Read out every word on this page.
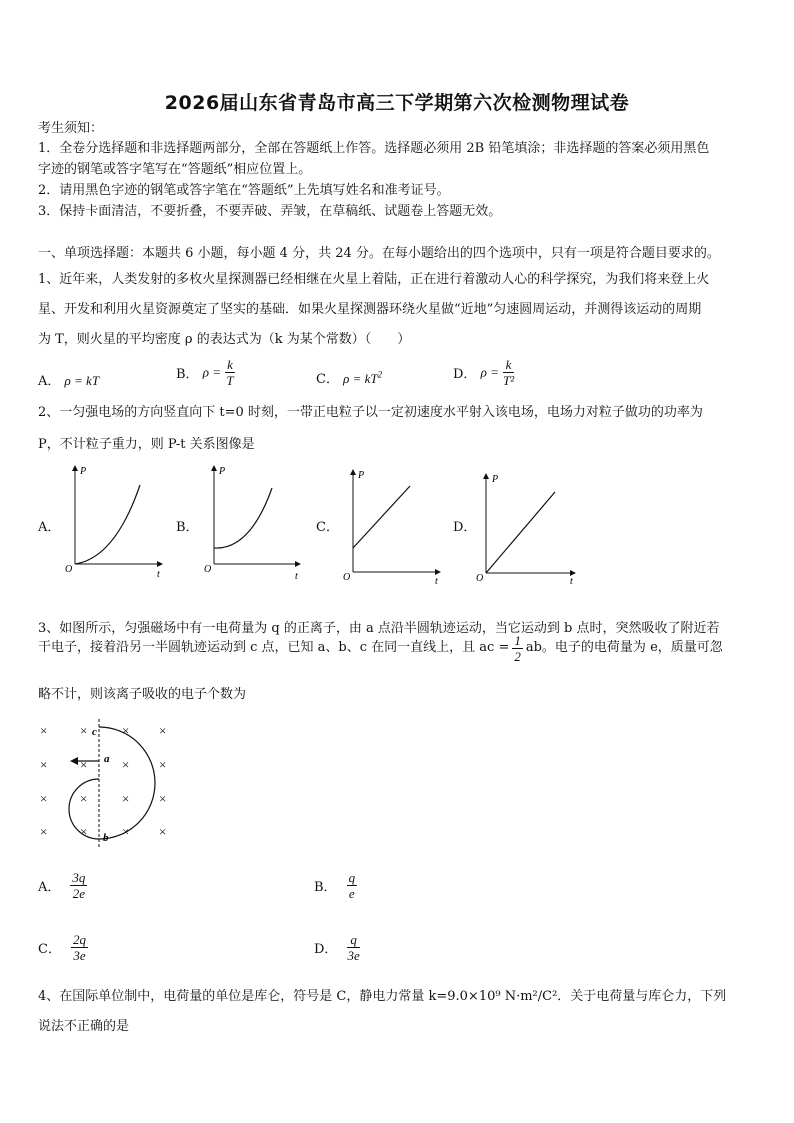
2026届山东省青岛市高三下学期第六次检测物理试卷
考生须知：
1．全卷分选择题和非选择题两部分，全部在答题纸上作答。选择题必须用 2B 铅笔填涂；非选择题的答案必须用黑色
字迹的钢笔或答字笔写在“答题纸”相应位置上。
2．请用黑色字迹的钢笔或答字笔在“答题纸”上先填写姓名和准考证号。
3．保持卡面清洁，不要折叠，不要弄破、弄皱，在草稿纸、试题卷上答题无效。
一、单项选择题：本题共 6 小题，每小题 4 分，共 24 分。在每小题给出的四个选项中，只有一项是符合题目要求的。
1、近年来，人类发射的多枚火星探测器已经相继在火星上着陆，正在进行着激动人心的科学探究，为我们将来登上火
星、开发和利用火星资源奠定了坚实的基础．如果火星探测器环绕火星做“近地”匀速圆周运动，并测得该运动的周期
为 T，则火星的平均密度 ρ 的表达式为（k 为某个常数）（　　）
A． ρ = kT	B． $\rho = \frac{k}{T}$	C． $\rho = kT^2$	D． $\rho = \frac{k}{\text{T²}}$
2、一匀强电场的方向竖直向下 t=0 时刻，一带正电粒子以一定初速度水平射入该电场，电场力对粒子做功的功率为
P，不计粒子重力，则 P-t 关系图像是
A．	B．	C．	D．
P
O	t
P
O
t
P
O	t
P
O	t
3、如图所示，匀强磁场中有一电荷量为 q 的正离子，由 a 点沿半圆轨迹运动，当它运动到 b 点时，突然吸收了附近若
干电子，接着沿另一半圆轨迹运动到 c 点，已知 a、b、c 在同一直线上，且 ac = $\frac{1}{2}$ ab。电子的电荷量为 e，质量可忽
略不计，则该离子吸收的电子个数为
×	×	× ×
×	×	× ×
×	×	× ×
×	×	× ×
c
a
b
A． $\frac{3q}{2e}$	B． $\frac{q}{e}$
C． $\frac{2q}{3e}$	D． $\frac{q}{3e}$
4、在国际单位制中，电荷量的单位是库仑，符号是 C，静电力常量 k=9.0×10⁹ N·m²/C²．关于电荷量与库仑力，下列
说法不正确的是
